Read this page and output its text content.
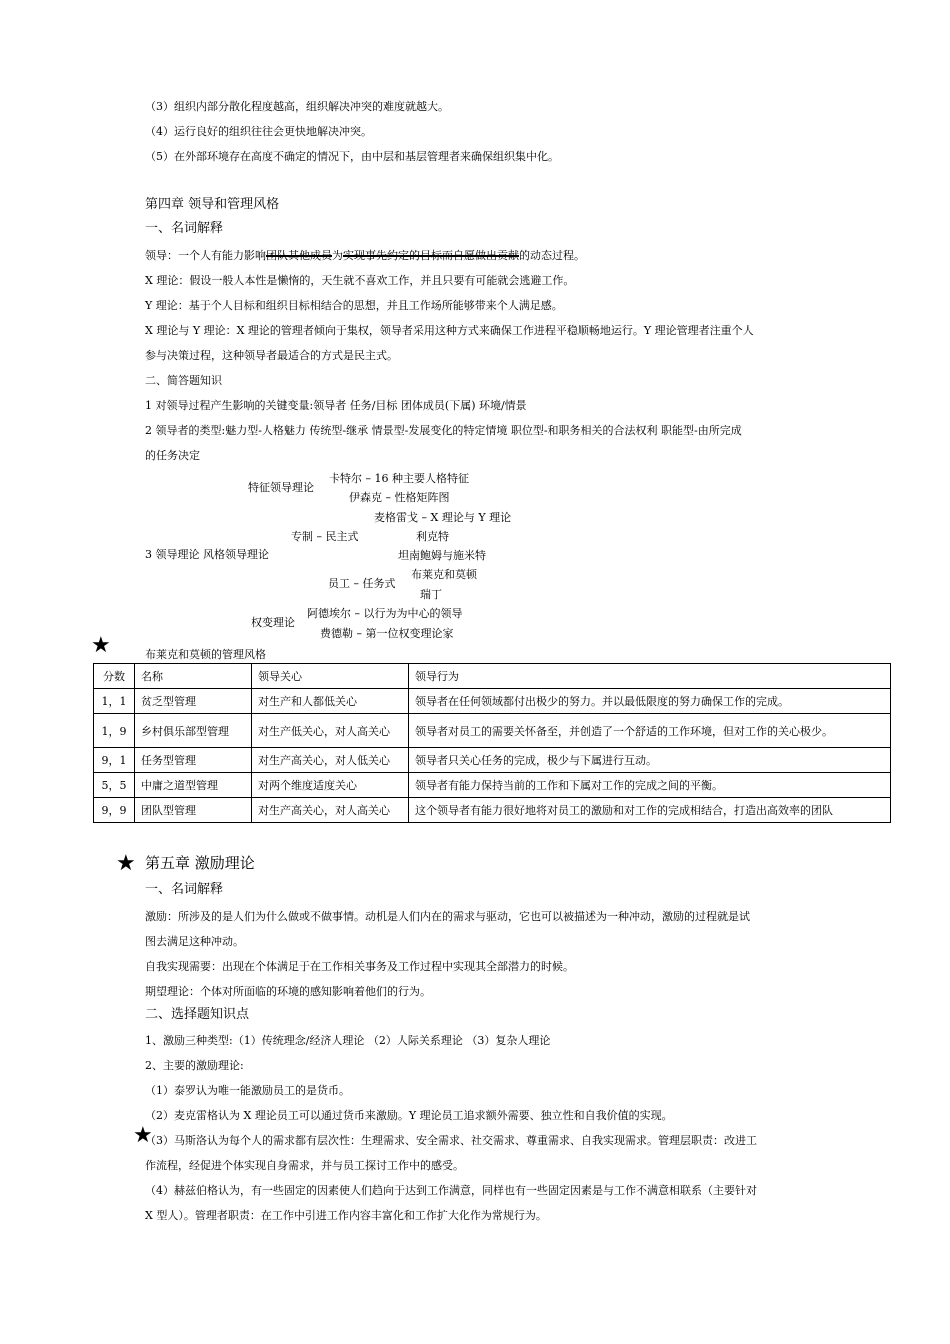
（3）组织内部分散化程度越高，组织解决冲突的难度就越大。
（4）运行良好的组织往往会更快地解决冲突。
（5）在外部环境存在高度不确定的情况下，由中层和基层管理者来确保组织集中化。
第四章 领导和管理风格
一、名词解释
领导：一个人有能力影响团队其他成员为实现事先约定的目标而自愿做出贡献的动态过程。
X 理论：假设一般人本性是懒惰的，天生就不喜欢工作，并且只要有可能就会逃避工作。
Y 理论：基于个人目标和组织目标相结合的思想，并且工作场所能够带来个人满足感。
X 理论与 Y 理论：X 理论的管理者倾向于集权，领导者采用这种方式来确保工作进程平稳顺畅地运行。Y 理论管理者注重个人
参与决策过程，这种领导者最适合的方式是民主式。
二、简答题知识
1 对领导过程产生影响的关键变量:领导者 任务/目标 团体成员(下属) 环境/情景
2 领导者的类型:魅力型-人格魅力 传统型-继承 情景型-发展变化的特定情境 职位型-和职务相关的合法权利 职能型-由所完成
的任务决定
特征领导理论
卡特尔 – 16 种主要人格特征
伊森克 – 性格矩阵图
麦格雷戈 – X 理论与 Y 理论
专制 – 民主式	利克特
3 领导理论 风格领导理论	坦南鲍姆与施米特
员工 – 任务式
布莱克和莫顿
瑞丁
权变理论
阿德埃尔 – 以行为为中心的领导
费德勒 – 第一位权变理论家
★	布莱克和莫顿的管理风格
分数	名称	领导关心	领导行为
1，1	贫乏型管理	对生产和人都低关心	领导者在任何领域都付出极少的努力。并以最低限度的努力确保工作的完成。
1，9	乡村俱乐部型管理	对生产低关心，对人高关心	领导者对员工的需要关怀备至，并创造了一个舒适的工作环境，但对工作的关心极少。
9，1	任务型管理	对生产高关心，对人低关心	领导者只关心任务的完成，极少与下属进行互动。
5，5	中庸之道型管理	对两个维度适度关心	领导者有能力保持当前的工作和下属对工作的完成之间的平衡。
9，9	团队型管理	对生产高关心，对人高关心	这个领导者有能力很好地将对员工的激励和对工作的完成相结合，打造出高效率的团队
★ 第五章 激励理论
一、名词解释
激励：所涉及的是人们为什么做或不做事情。动机是人们内在的需求与驱动，它也可以被描述为一种冲动，激励的过程就是试
图去满足这种冲动。
自我实现需要：出现在个体满足于在工作相关事务及工作过程中实现其全部潜力的时候。
期望理论：个体对所面临的环境的感知影响着他们的行为。
二、选择题知识点
1、激励三种类型:（1）传统理念/经济人理论 （2）人际关系理论 （3）复杂人理论
2、主要的激励理论:
（1）泰罗认为唯一能激励员工的是货币。
（2）麦克雷格认为 X 理论员工可以通过货币来激励。Y 理论员工追求额外需要、独立性和自我价值的实现。
★
（3）马斯洛认为每个人的需求都有层次性：生理需求、安全需求、社交需求、尊重需求、自我实现需求。管理层职责：改进工
作流程，经促进个体实现自身需求，并与员工探讨工作中的感受。
（4）赫兹伯格认为，有一些固定的因素使人们趋向于达到工作满意，同样也有一些固定因素是与工作不满意相联系（主要针对
X 型人）。管理者职责：在工作中引进工作内容丰富化和工作扩大化作为常规行为。
